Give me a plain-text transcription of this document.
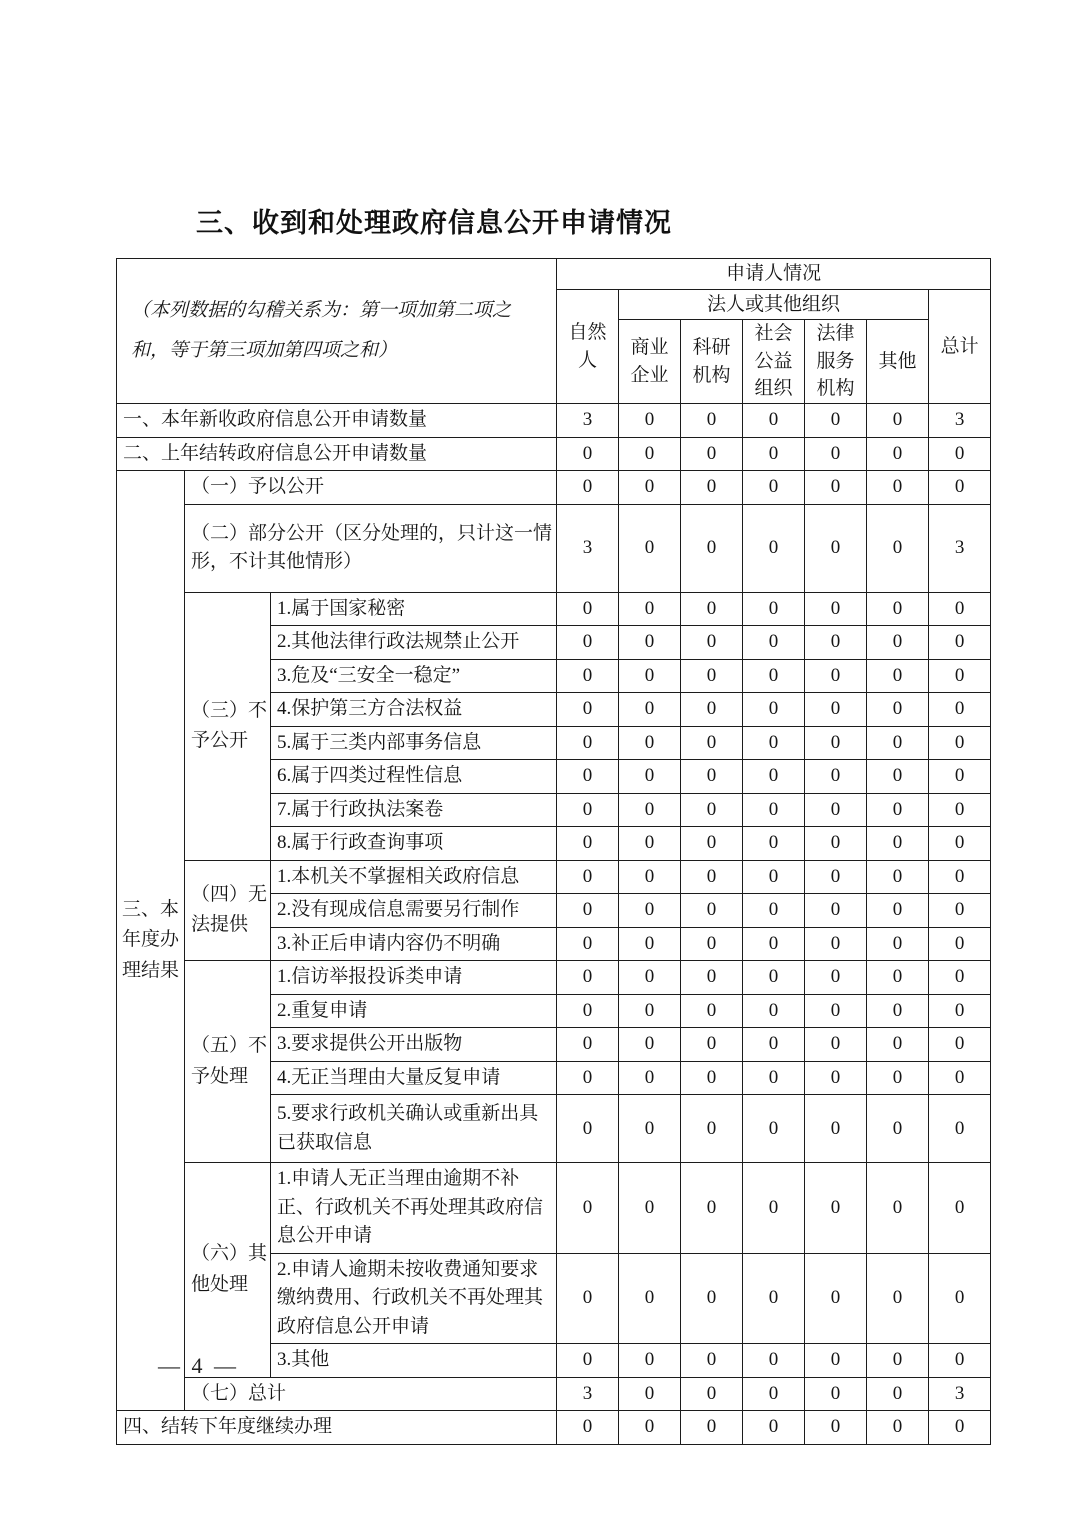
三、收到和处理政府信息公开申请情况
（本列数据的勾稽关系为：第一项加第二项之和，等于第三项加第四项之和）			申请人情况						
			自然人	法人或其他组织					总计
				商业企业	科研机构	社会公益组织	法律服务机构	其他	
一、本年新收政府信息公开申请数量			3	0	0	0	0	0	3
二、上年结转政府信息公开申请数量			0	0	0	0	0	0	0
三、本年度办理结果	（一）予以公开		0	0	0	0	0	0	0
	（二）部分公开（区分处理的，只计这一情形，不计其他情形）		3	0	0	0	0	0	3
	（三）不予公开	1.属于国家秘密	0	0	0	0	0	0	0
		2.其他法律行政法规禁止公开	0	0	0	0	0	0	0
		3.危及“三安全一稳定”	0	0	0	0	0	0	0
		4.保护第三方合法权益	0	0	0	0	0	0	0
		5.属于三类内部事务信息	0	0	0	0	0	0	0
		6.属于四类过程性信息	0	0	0	0	0	0	0
		7.属于行政执法案卷	0	0	0	0	0	0	0
		8.属于行政查询事项	0	0	0	0	0	0	0
	（四）无法提供	1.本机关不掌握相关政府信息	0	0	0	0	0	0	0
		2.没有现成信息需要另行制作	0	0	0	0	0	0	0
		3.补正后申请内容仍不明确	0	0	0	0	0	0	0
	（五）不予处理	1.信访举报投诉类申请	0	0	0	0	0	0	0
		2.重复申请	0	0	0	0	0	0	0
		3.要求提供公开出版物	0	0	0	0	0	0	0
		4.无正当理由大量反复申请	0	0	0	0	0	0	0
		5.要求行政机关确认或重新出具已获取信息	0	0	0	0	0	0	0
	（六）其他处理	1.申请人无正当理由逾期不补正、行政机关不再处理其政府信息公开申请	0	0	0	0	0	0	0
		2.申请人逾期未按收费通知要求缴纳费用、行政机关不再处理其政府信息公开申请	0	0	0	0	0	0	0
		3.其他	0	0	0	0	0	0	0
	（七）总计		3	0	0	0	0	0	3
四、结转下年度继续办理			0	0	0	0	0	0	0
— 4 —
